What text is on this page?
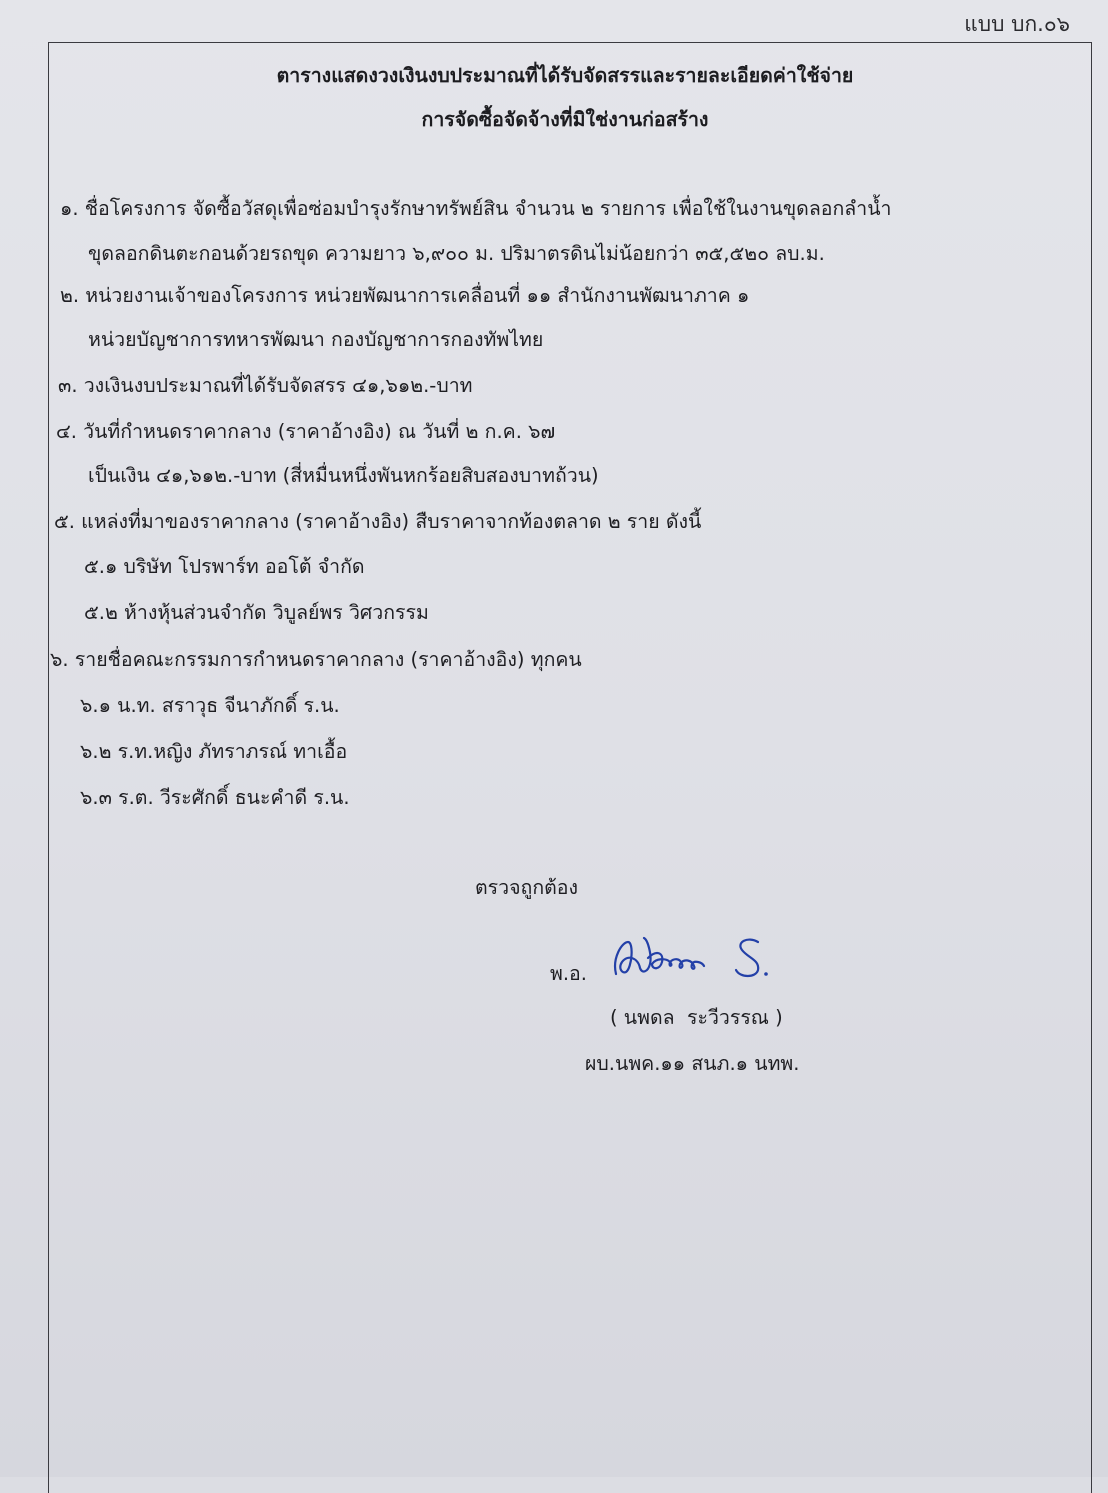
แบบ บก.๐๖
ตารางแสดงวงเงินงบประมาณที่ได้รับจัดสรรและรายละเอียดค่าใช้จ่าย
การจัดซื้อจัดจ้างที่มิใช่งานก่อสร้าง
๑. ชื่อโครงการ จัดซื้อวัสดุเพื่อซ่อมบำรุงรักษาทรัพย์สิน จำนวน ๒ รายการ เพื่อใช้ในงานขุดลอกลำน้ำ
ขุดลอกดินตะกอนด้วยรถขุด ความยาว ๖,๙๐๐ ม. ปริมาตรดินไม่น้อยกว่า ๓๕,๕๒๐ ลบ.ม.
๒. หน่วยงานเจ้าของโครงการ หน่วยพัฒนาการเคลื่อนที่ ๑๑ สำนักงานพัฒนาภาค ๑
หน่วยบัญชาการทหารพัฒนา กองบัญชาการกองทัพไทย
๓. วงเงินงบประมาณที่ได้รับจัดสรร ๔๑,๖๑๒.-บาท
๔. วันที่กำหนดราคากลาง (ราคาอ้างอิง) ณ วันที่ ๒ ก.ค. ๖๗
เป็นเงิน ๔๑,๖๑๒.-บาท (สี่หมื่นหนึ่งพันหกร้อยสิบสองบาทถ้วน)
๕. แหล่งที่มาของราคากลาง (ราคาอ้างอิง) สืบราคาจากท้องตลาด ๒ ราย ดังนี้
๕.๑ บริษัท โปรพาร์ท ออโต้ จำกัด
๕.๒ ห้างหุ้นส่วนจำกัด วิบูลย์พร วิศวกรรม
๖. รายชื่อคณะกรรมการกำหนดราคากลาง (ราคาอ้างอิง) ทุกคน
๖.๑ น.ท. สราวุธ จีนาภักดิ์ ร.น.
๖.๒ ร.ท.หญิง ภัทราภรณ์ ทาเอื้อ
๖.๓ ร.ต. วีระศักดิ์ ธนะคำดี ร.น.
ตรวจถูกต้อง
พ.อ.
( นพดล  ระวีวรรณ )
ผบ.นพค.๑๑ สนภ.๑ นทพ.
